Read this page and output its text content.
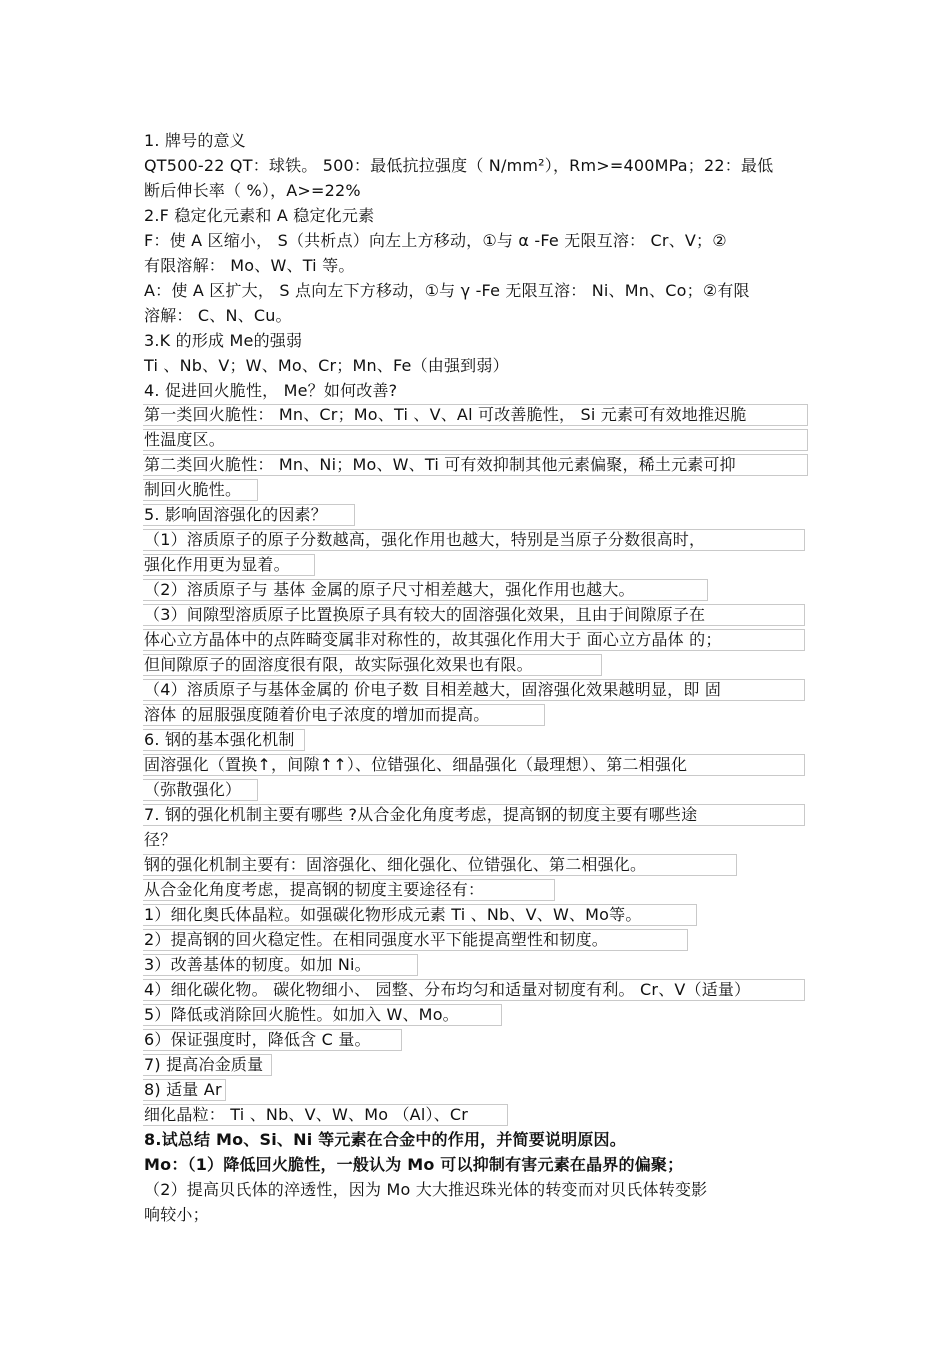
1. 牌号的意义
QT500-22 QT：球铁。 500：最低抗拉强度（ N/mm²），Rm>=400MPa；22：最低
断后伸长率（ %），A>=22%
2.F 稳定化元素和 A 稳定化元素
F：使 A 区缩小， S（共析点）向左上方移动，①与 α -Fe 无限互溶： Cr、V；②
有限溶解： Mo、W、Ti 等。
A：使 A 区扩大， S 点向左下方移动，①与 γ -Fe 无限互溶： Ni、Mn、Co；②有限
溶解： C、N、Cu。
3.K 的形成 Me的强弱
Ti 、Nb、V；W、Mo、Cr；Mn、Fe（由强到弱）
4. 促进回火脆性， Me？如何改善?
第一类回火脆性： Mn、Cr；Mo、Ti 、V、Al 可改善脆性， Si 元素可有效地推迟脆
性温度区。
第二类回火脆性： Mn、Ni；Mo、W、Ti 可有效抑制其他元素偏聚，稀土元素可抑
制回火脆性。
5. 影响固溶强化的因素？
（1）溶质原子的原子分数越高，强化作用也越大，特别是当原子分数很高时，
强化作用更为显着。
（2）溶质原子与 基体 金属的原子尺寸相差越大，强化作用也越大。
（3）间隙型溶质原子比置换原子具有较大的固溶强化效果，且由于间隙原子在
体心立方晶体中的点阵畸变属非对称性的，故其强化作用大于 面心立方晶体 的；
但间隙原子的固溶度很有限，故实际强化效果也有限。
（4）溶质原子与基体金属的 价电子数 目相差越大，固溶强化效果越明显，即 固
溶体 的屈服强度随着价电子浓度的增加而提高。
6. 钢的基本强化机制
固溶强化（置换↑，间隙↑↑）、位错强化、细晶强化（最理想）、第二相强化
（弥散强化）
7. 钢的强化机制主要有哪些 ?从合金化角度考虑，提高钢的韧度主要有哪些途
径？
钢的强化机制主要有：固溶强化、细化强化、位错强化、第二相强化。
从合金化角度考虑，提高钢的韧度主要途径有：
1）细化奥氏体晶粒。如强碳化物形成元素 Ti 、Nb、V、W、Mo等。
2）提高钢的回火稳定性。在相同强度水平下能提高塑性和韧度。
3）改善基体的韧度。如加 Ni。
4）细化碳化物。 碳化物细小、 园整、分布均匀和适量对韧度有利。 Cr、V（适量）
5）降低或消除回火脆性。如加入 W、Mo。
6）保证强度时，降低含 C 量。
7) 提高冶金质量
8) 适量 Ar
细化晶粒： Ti 、Nb、V、W、Mo （Al）、Cr
8.试总结 Mo、Si、Ni 等元素在合金中的作用，并简要说明原因。
Mo：（1）降低回火脆性，一般认为 Mo 可以抑制有害元素在晶界的偏聚；
（2）提高贝氏体的淬透性，因为 Mo 大大推迟珠光体的转变而对贝氏体转变影
响较小；
